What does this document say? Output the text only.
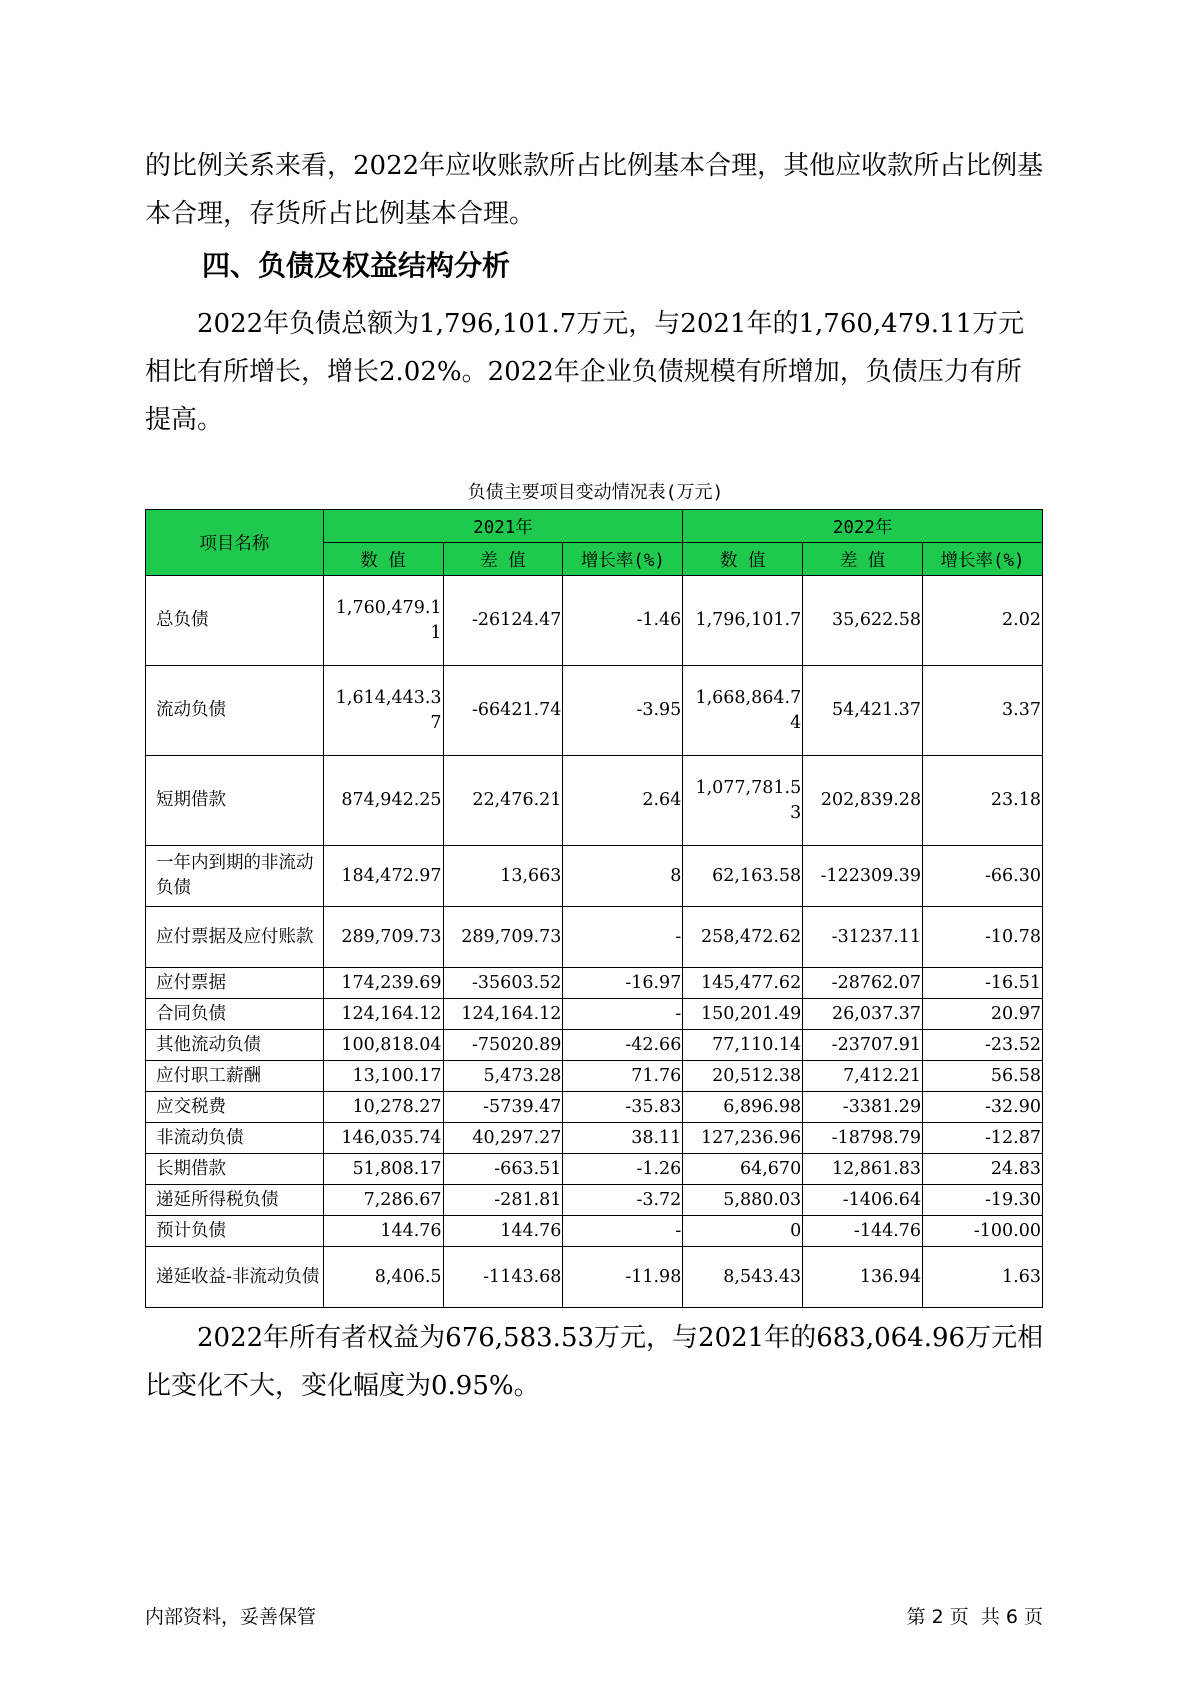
的比例关系来看，2022年应收账款所占比例基本合理，其他应收款所占比例基本合理，存货所占比例基本合理。

四、负债及权益结构分析

2022年负债总额为1,796,101.7万元，与2021年的1,760,479.11万元相比有所增长，增长2.02%。2022年企业负债规模有所增加，负债压力有所提高。

负债主要项目变动情况表(万元)
项目名称	2021年			2022年		
	数 值	差 值	增长率(%)	数 值	差 值	增长率(%)
总负债	1,760,479.11	-26124.47	-1.46	1,796,101.7	35,622.58	2.02
流动负债	1,614,443.37	-66421.74	-3.95	1,668,864.74	54,421.37	3.37
短期借款	874,942.25	22,476.21	2.64	1,077,781.53	202,839.28	23.18
一年内到期的非流动负债	184,472.97	13,663	8	62,163.58	-122309.39	-66.30
应付票据及应付账款	289,709.73	289,709.73	-	258,472.62	-31237.11	-10.78
应付票据	174,239.69	-35603.52	-16.97	145,477.62	-28762.07	-16.51
合同负债	124,164.12	124,164.12	-	150,201.49	26,037.37	20.97
其他流动负债	100,818.04	-75020.89	-42.66	77,110.14	-23707.91	-23.52
应付职工薪酬	13,100.17	5,473.28	71.76	20,512.38	7,412.21	56.58
应交税费	10,278.27	-5739.47	-35.83	6,896.98	-3381.29	-32.90
非流动负债	146,035.74	40,297.27	38.11	127,236.96	-18798.79	-12.87
长期借款	51,808.17	-663.51	-1.26	64,670	12,861.83	24.83
递延所得税负债	7,286.67	-281.81	-3.72	5,880.03	-1406.64	-19.30
预计负债	144.76	144.76	-	0	-144.76	-100.00
递延收益-非流动负债	8,406.5	-1143.68	-11.98	8,543.43	136.94	1.63

2022年所有者权益为676,583.53万元，与2021年的683,064.96万元相比变化不大，变化幅度为0.95%。

内部资料，妥善保管	第 2 页  共 6 页
